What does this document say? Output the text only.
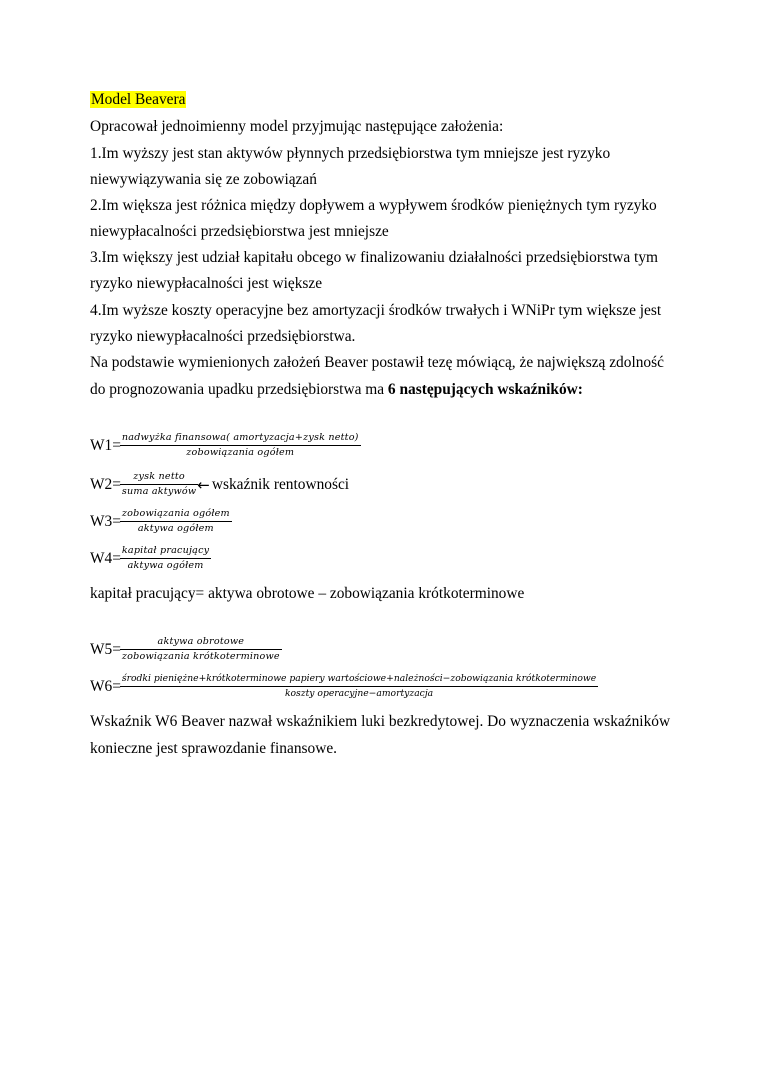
Model Beavera
Opracował jednoimienny model przyjmując następujące założenia:
1.Im wyższy jest stan aktywów płynnych przedsiębiorstwa tym mniejsze jest ryzyko
niewywiązywania się ze zobowiązań
2.Im większa jest różnica między dopływem a wypływem środków pieniężnych tym ryzyko
niewypłacalności przedsiębiorstwa jest mniejsze
3.Im większy jest udział kapitału obcego w finalizowaniu działalności przedsiębiorstwa tym
ryzyko niewypłacalności jest większe
4.Im wyższe koszty operacyjne bez amortyzacji środków trwałych i WNiPr tym większe jest
ryzyko niewypłacalności przedsiębiorstwa.
Na podstawie wymienionych założeń Beaver postawił tezę mówiącą, że największą zdolność
do prognozowania upadku przedsiębiorstwa ma 6 następujących wskaźników:
$W1= \frac{\text{nadwyżka finansowa( amortyzacja+zysk netto)}}{\text{zobowiązania ogółem}}$
$W2= \frac{\text{zysk netto}}{\text{suma aktywów}}$ ← wskaźnik rentowności
$W3= \frac{\text{zobowiązania ogółem}}{\text{aktywa ogółem}}$
$W4= \frac{\text{kapitał pracujący}}{\text{aktywa ogółem}}$
kapitał pracujący= aktywa obrotowe – zobowiązania krótkoterminowe
$W5= \frac{\text{aktywa obrotowe}}{\text{zobowiązania krótkoterminowe}}$
W6= środki pieniężne+krótkoterminowe papiery wartościowe+należności−zobowiązania krótkoterminowe
koszty operacyjne−amortyzacja
Wskaźnik W6 Beaver nazwał wskaźnikiem luki bezkredytowej. Do wyznaczenia wskaźników
konieczne jest sprawozdanie finansowe.
